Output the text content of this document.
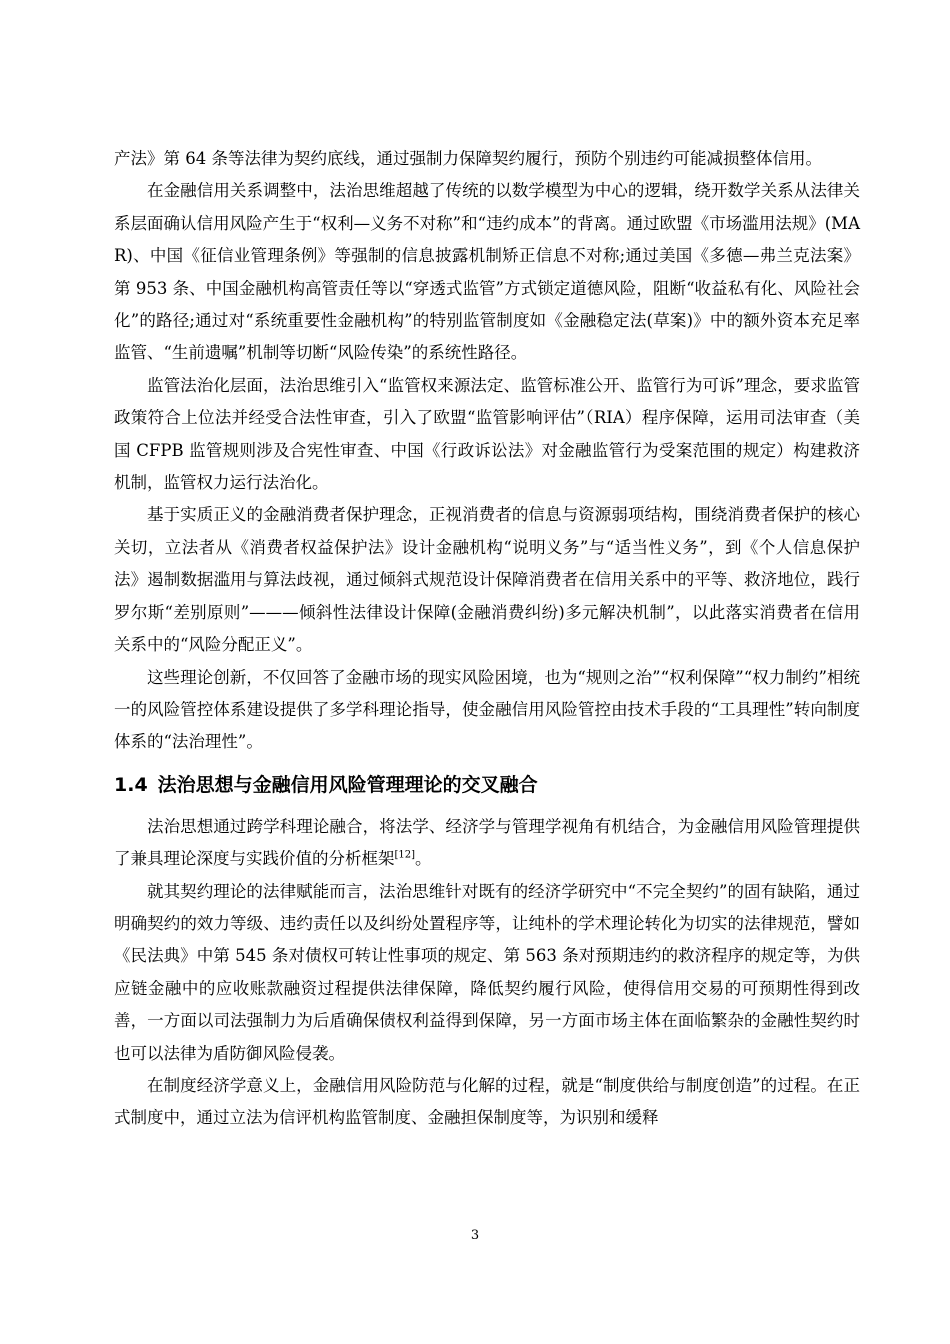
产法》第 64 条等法律为契约底线，通过强制力保障契约履行，预防个别违约可能减损整体信用。

在金融信用关系调整中，法治思维超越了传统的以数学模型为中心的逻辑，绕开数学关系从法律关系层面确认信用风险产生于“权利—义务不对称”和“违约成本”的背离。通过欧盟《市场滥用法规》(MAR)、中国《征信业管理条例》等强制的信息披露机制矫正信息不对称;通过美国《多德—弗兰克法案》第 953 条、中国金融机构高管责任等以“穿透式监管”方式锁定道德风险，阻断“收益私有化、风险社会化”的路径;通过对“系统重要性金融机构”的特别监管制度如《金融稳定法(草案)》中的额外资本充足率监管、“生前遗嘱”机制等切断“风险传染”的系统性路径。

监管法治化层面，法治思维引入“监管权来源法定、监管标准公开、监管行为可诉”理念，要求监管政策符合上位法并经受合法性审查，引入了欧盟“监管影响评估”（RIA）程序保障，运用司法审查（美国 CFPB 监管规则涉及合宪性审查、中国《行政诉讼法》对金融监管行为受案范围的规定）构建救济机制，监管权力运行法治化。

基于实质正义的金融消费者保护理念，正视消费者的信息与资源弱项结构，围绕消费者保护的核心关切，立法者从《消费者权益保护法》设计金融机构“说明义务”与“适当性义务”，到《个人信息保护法》遏制数据滥用与算法歧视，通过倾斜式规范设计保障消费者在信用关系中的平等、救济地位，践行罗尔斯“差别原则”———倾斜性法律设计保障(金融消费纠纷)多元解决机制”，以此落实消费者在信用关系中的“风险分配正义”。

这些理论创新，不仅回答了金融市场的现实风险困境，也为“规则之治”“权利保障”“权力制约”相统一的风险管控体系建设提供了多学科理论指导，使金融信用风险管控由技术手段的“工具理性”转向制度体系的“法治理性”。

1.4 法治思想与金融信用风险管理理论的交叉融合

法治思想通过跨学科理论融合，将法学、经济学与管理学视角有机结合，为金融信用风险管理提供了兼具理论深度与实践价值的分析框架[12]。

就其契约理论的法律赋能而言，法治思维针对既有的经济学研究中“不完全契约”的固有缺陷，通过明确契约的效力等级、违约责任以及纠纷处置程序等，让纯朴的学术理论转化为切实的法律规范，譬如《民法典》中第 545 条对债权可转让性事项的规定、第 563 条对预期违约的救济程序的规定等，为供应链金融中的应收账款融资过程提供法律保障，降低契约履行风险，使得信用交易的可预期性得到改善，一方面以司法强制力为后盾确保债权利益得到保障，另一方面市场主体在面临繁杂的金融性契约时也可以法律为盾防御风险侵袭。

在制度经济学意义上，金融信用风险防范与化解的过程，就是“制度供给与制度创造”的过程。在正式制度中，通过立法为信评机构监管制度、金融担保制度等，为识别和缓释

3
